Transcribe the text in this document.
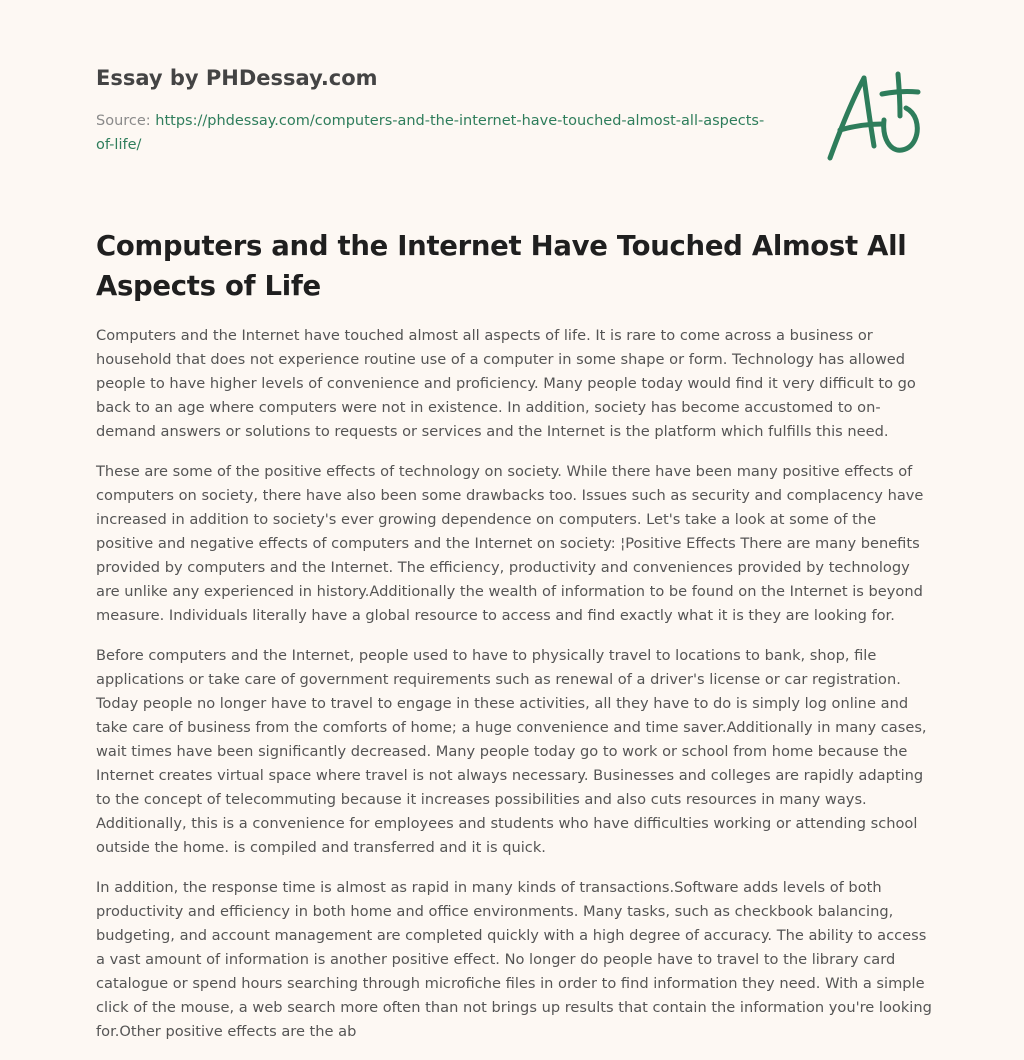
Essay by PHDessay.com

Source: https://phdessay.com/computers-and-the-internet-have-touched-almost-all-aspects-of-life/
Computers and the Internet Have Touched Almost All Aspects of Life

Computers and the Internet have touched almost all aspects of life. It is rare to come across a business or household that does not experience routine use of a computer in some shape or form. Technology has allowed people to have higher levels of convenience and proficiency. Many people today would find it very difficult to go back to an age where computers were not in existence. In addition, society has become accustomed to on-demand answers or solutions to requests or services and the Internet is the platform which fulfills this need.

These are some of the positive effects of technology on society. While there have been many positive effects of computers on society, there have also been some drawbacks too. Issues such as security and complacency have increased in addition to society's ever growing dependence on computers. Let's take a look at some of the positive and negative effects of computers and the Internet on society: ¦Positive Effects There are many benefits provided by computers and the Internet. The efficiency, productivity and conveniences provided by technology are unlike any experienced in history.Additionally the wealth of information to be found on the Internet is beyond measure. Individuals literally have a global resource to access and find exactly what it is they are looking for.

Before computers and the Internet, people used to have to physically travel to locations to bank, shop, file applications or take care of government requirements such as renewal of a driver's license or car registration. Today people no longer have to travel to engage in these activities, all they have to do is simply log online and take care of business from the comforts of home; a huge convenience and time saver.Additionally in many cases, wait times have been significantly decreased. Many people today go to work or school from home because the Internet creates virtual space where travel is not always necessary. Businesses and colleges are rapidly adapting to the concept of telecommuting because it increases possibilities and also cuts resources in many ways. Additionally, this is a convenience for employees and students who have difficulties working or attending school outside the home. is compiled and transferred and it is quick.

In addition, the response time is almost as rapid in many kinds of transactions.Software adds levels of both productivity and efficiency in both home and office environments. Many tasks, such as checkbook balancing, budgeting, and account management are completed quickly with a high degree of accuracy. The ability to access a vast amount of information is another positive effect. No longer do people have to travel to the library card catalogue or spend hours searching through microfiche files in order to find information they need. With a simple click of the mouse, a web search more often than not brings up results that contain the information you're looking for.Other positive effects are the ab
